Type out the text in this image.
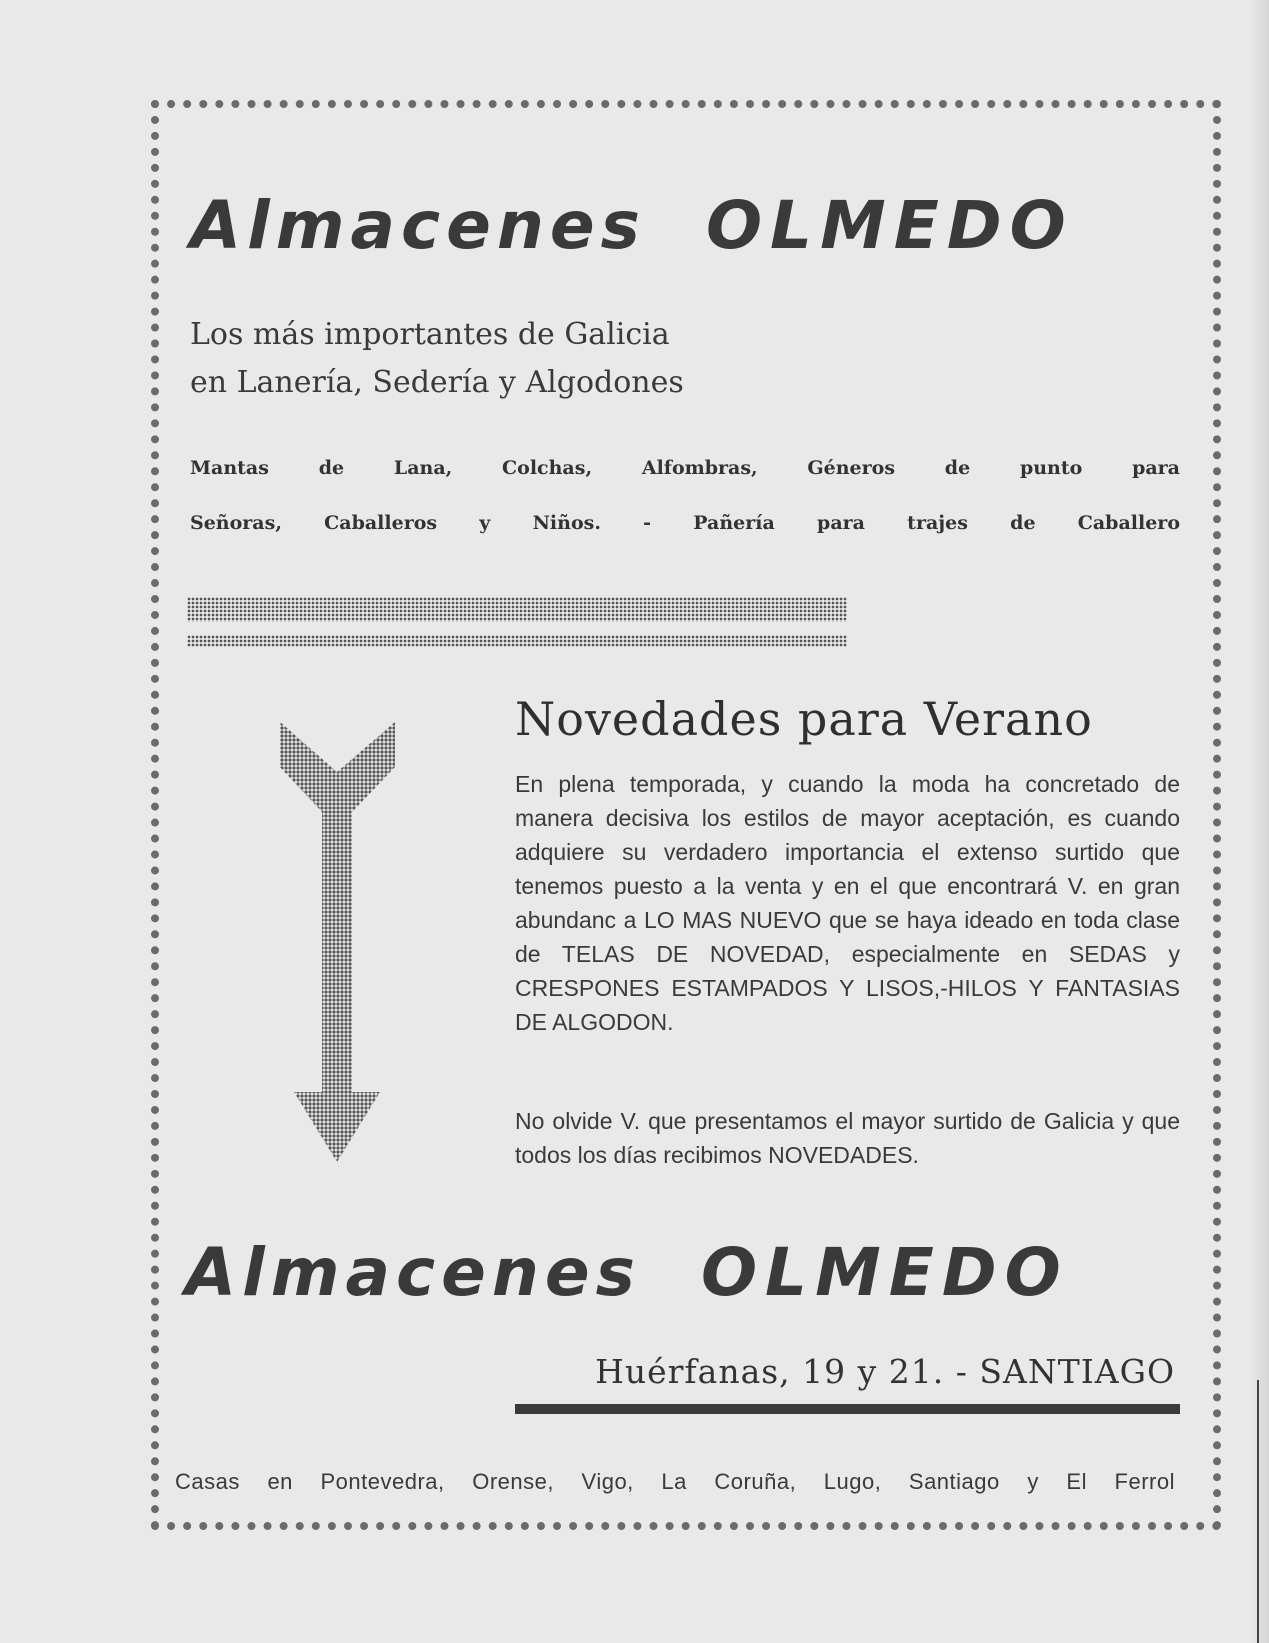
Almacenes OLMEDO
Los más importantes de Galicia
en Lanería, Sedería y Algodones
Mantas de Lana, Colchas, Alfombras, Géneros de punto para
Señoras, Caballeros y Niños. - Pañería para trajes de Caballero
Novedades para Verano
En plena temporada, y cuando la moda ha concretado de manera decisiva los estilos de mayor aceptación, es cuando adquiere su verdadero importancia el extenso surtido que tenemos puesto a la venta y en el que encontrará V. en gran abundanc a LO MAS NUEVO que se haya ideado en toda clase de TELAS DE NOVEDAD, especialmente en SEDAS y CRESPONES ESTAMPADOS Y LISOS,-HILOS Y FANTASIAS DE ALGODON.
No olvide V. que presentamos el mayor surtido de Galicia y que todos los días recibimos NOVEDADES.
Almacenes OLMEDO
Huérfanas, 19 y 21. - SANTIAGO
Casas en Pontevedra, Orense, Vigo, La Coruña, Lugo, Santiago y El Ferrol
